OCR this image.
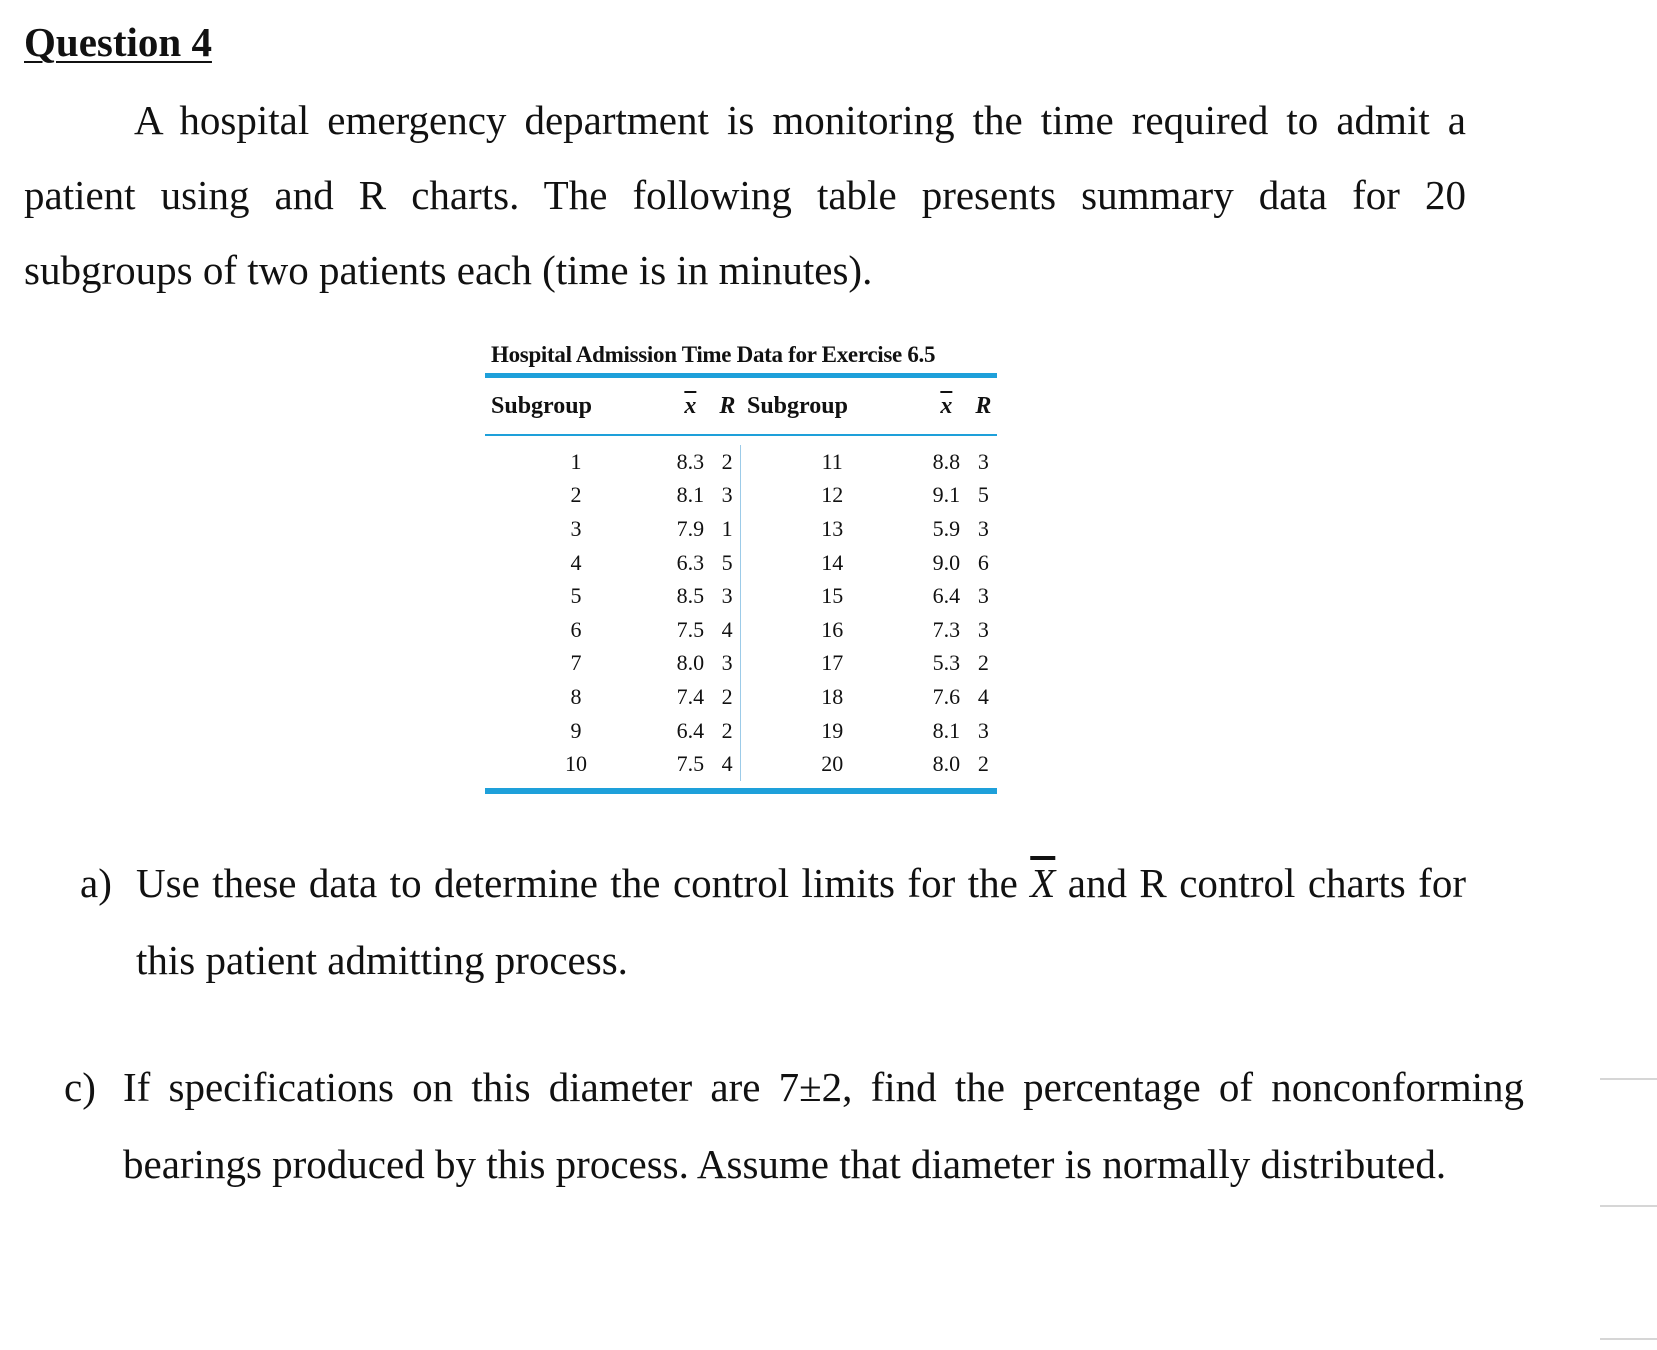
Question 4

A hospital emergency department is monitoring the time required to admit a patient using and R charts. The following table presents summary data for 20 subgroups of two patients each (time is in minutes).

Hospital Admission Time Data for Exercise 6.5
Subgroup	$\overline{x}$	R	Subgroup	$\overline{x}$	R

1	8.3	2	11	8.8	3
2	8.1	3	12	9.1	5
3	7.9	1	13	5.9	3
4	6.3	5	14	9.0	6
5	8.5	3	15	6.4	3
6	7.5	4	16	7.3	3
7	8.0	3	17	5.3	2
8	7.4	2	18	7.6	4
9	6.4	2	19	8.1	3
10	7.5	4	20	8.0	2

a) Use these data to determine the control limits for the $\overline{X}$ and R control charts for this patient admitting process.
c) If specifications on this diameter are 7±2, find the percentage of nonconforming bearings produced by this process. Assume that diameter is normally distributed.
